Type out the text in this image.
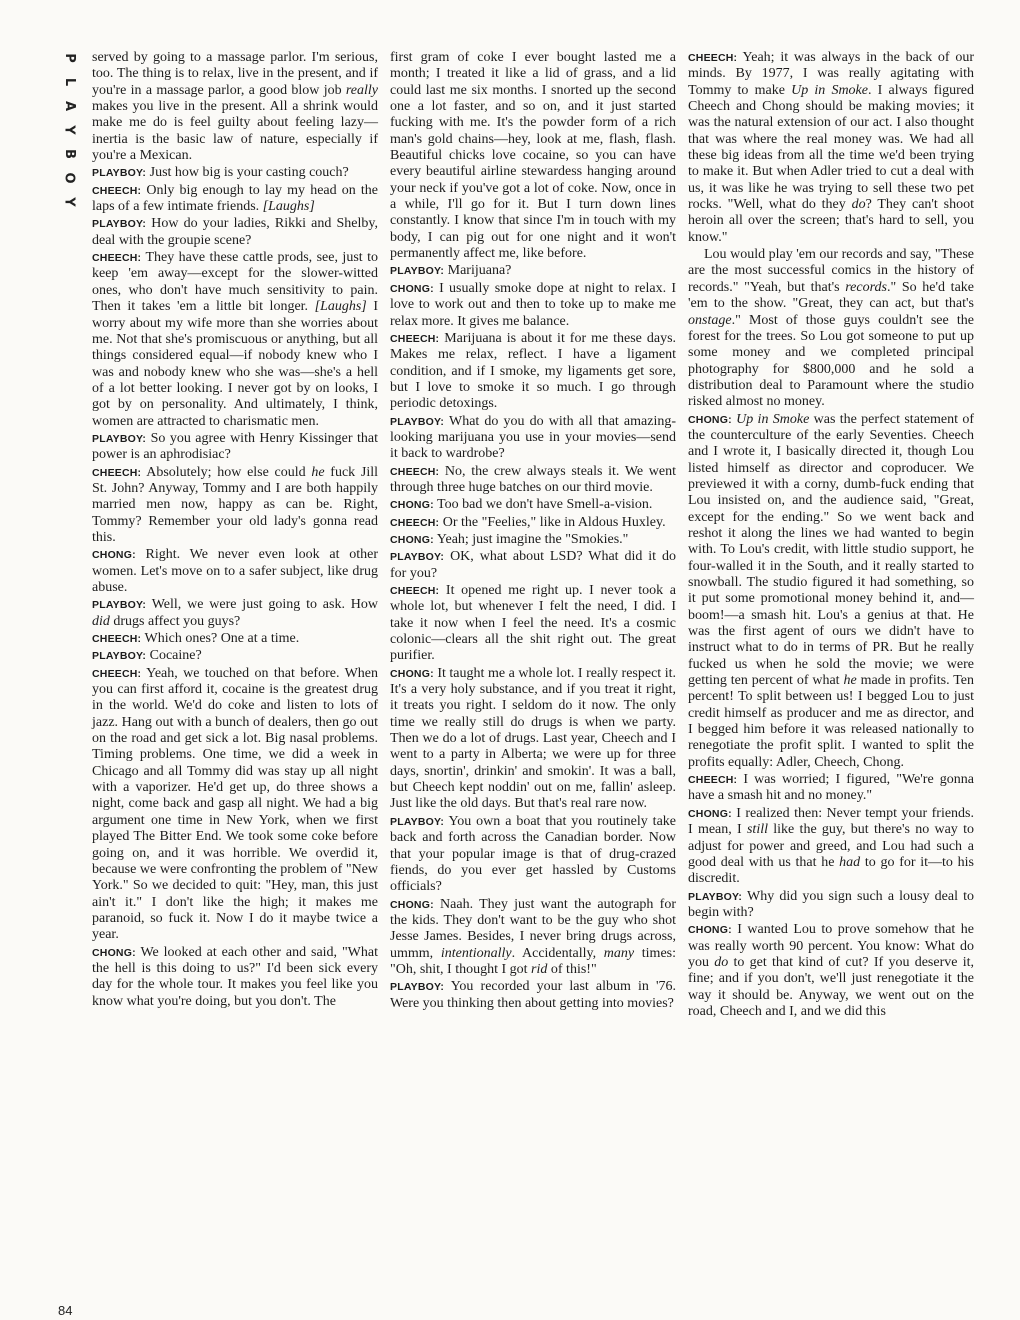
P
L
A
Y
B
O
Y

served by going to a massage parlor. I'm serious, too. The thing is to relax, live in the present, and if you're in a massage parlor, a good blow job really makes you live in the present. All a shrink would make me do is feel guilty about feeling lazy—inertia is the basic law of nature, especially if you're a Mexican.

PLAYBOY: Just how big is your casting couch?

CHEECH: Only big enough to lay my head on the laps of a few intimate friends. [Laughs]

PLAYBOY: How do your ladies, Rikki and Shelby, deal with the groupie scene?

CHEECH: They have these cattle prods, see, just to keep 'em away—except for the slower-witted ones, who don't have much sensitivity to pain. Then it takes 'em a little bit longer. [Laughs] I worry about my wife more than she worries about me. Not that she's promiscuous or anything, but all things considered equal—if nobody knew who I was and nobody knew who she was—she's a hell of a lot better looking. I never got by on looks, I got by on personality. And ultimately, I think, women are attracted to charismatic men.

PLAYBOY: So you agree with Henry Kissinger that power is an aphrodisiac?

CHEECH: Absolutely; how else could he fuck Jill St. John? Anyway, Tommy and I are both happily married men now, happy as can be. Right, Tommy? Remember your old lady's gonna read this.

CHONG: Right. We never even look at other women. Let's move on to a safer subject, like drug abuse.

PLAYBOY: Well, we were just going to ask. How did drugs affect you guys?

CHEECH: Which ones? One at a time.

PLAYBOY: Cocaine?

CHEECH: Yeah, we touched on that before. When you can first afford it, cocaine is the greatest drug in the world. We'd do coke and listen to lots of jazz. Hang out with a bunch of dealers, then go out on the road and get sick a lot. Big nasal problems. Timing problems. One time, we did a week in Chicago and all Tommy did was stay up all night with a vaporizer. He'd get up, do three shows a night, come back and gasp all night. We had a big argument one time in New York, when we first played The Bitter End. We took some coke before going on, and it was horrible. We overdid it, because we were confronting the problem of "New York." So we decided to quit: "Hey, man, this just ain't it." I don't like the high; it makes me paranoid, so fuck it. Now I do it maybe twice a year.

CHONG: We looked at each other and said, "What the hell is this doing to us?" I'd been sick every day for the whole tour. It makes you feel like you know what you're doing, but you don't. The

first gram of coke I ever bought lasted me a month; I treated it like a lid of grass, and a lid could last me six months. I snorted up the second one a lot faster, and so on, and it just started fucking with me. It's the powder form of a rich man's gold chains—hey, look at me, flash, flash. Beautiful chicks love cocaine, so you can have every beautiful airline stewardess hanging around your neck if you've got a lot of coke. Now, once in a while, I'll go for it. But I turn down lines constantly. I know that since I'm in touch with my body, I can pig out for one night and it won't permanently affect me, like before.

PLAYBOY: Marijuana?

CHONG: I usually smoke dope at night to relax. I love to work out and then to toke up to make me relax more. It gives me balance.

CHEECH: Marijuana is about it for me these days. Makes me relax, reflect. I have a ligament condition, and if I smoke, my ligaments get sore, but I love to smoke it so much. I go through periodic detoxings.

PLAYBOY: What do you do with all that amazing-looking marijuana you use in your movies—send it back to wardrobe?

CHEECH: No, the crew always steals it. We went through three huge batches on our third movie.

CHONG: Too bad we don't have Smell-a-vision.

CHEECH: Or the "Feelies," like in Aldous Huxley.

CHONG: Yeah; just imagine the "Smokies."

PLAYBOY: OK, what about LSD? What did it do for you?

CHEECH: It opened me right up. I never took a whole lot, but whenever I felt the need, I did. I take it now when I feel the need. It's a cosmic colonic—clears all the shit right out. The great purifier.

CHONG: It taught me a whole lot. I really respect it. It's a very holy substance, and if you treat it right, it treats you right. I seldom do it now. The only time we really still do drugs is when we party. Then we do a lot of drugs. Last year, Cheech and I went to a party in Alberta; we were up for three days, snortin', drinkin' and smokin'. It was a ball, but Cheech kept noddin' out on me, fallin' asleep. Just like the old days. But that's real rare now.

PLAYBOY: You own a boat that you routinely take back and forth across the Canadian border. Now that your popular image is that of drug-crazed fiends, do you ever get hassled by Customs officials?

CHONG: Naah. They just want the autograph for the kids. They don't want to be the guy who shot Jesse James. Besides, I never bring drugs across, ummm, intentionally. Accidentally, many times: "Oh, shit, I thought I got rid of this!"

PLAYBOY: You recorded your last album in '76. Were you thinking then about getting into movies?

CHEECH: Yeah; it was always in the back of our minds. By 1977, I was really agitating with Tommy to make Up in Smoke. I always figured Cheech and Chong should be making movies; it was the natural extension of our act. I also thought that was where the real money was. We had all these big ideas from all the time we'd been trying to make it. But when Adler tried to cut a deal with us, it was like he was trying to sell these two pet rocks. "Well, what do they do? They can't shoot heroin all over the screen; that's hard to sell, you know."

Lou would play 'em our records and say, "These are the most successful comics in the history of records." "Yeah, but that's records." So he'd take 'em to the show. "Great, they can act, but that's onstage." Most of those guys couldn't see the forest for the trees. So Lou got someone to put up some money and we completed principal photography for $800,000 and he sold a distribution deal to Paramount where the studio risked almost no money.

CHONG: Up in Smoke was the perfect statement of the counterculture of the early Seventies. Cheech and I wrote it, I basically directed it, though Lou listed himself as director and coproducer. We previewed it with a corny, dumb-fuck ending that Lou insisted on, and the audience said, "Great, except for the ending." So we went back and reshot it along the lines we had wanted to begin with. To Lou's credit, with little studio support, he four-walled it in the South, and it really started to snowball. The studio figured it had something, so it put some promotional money behind it, and—boom!—a smash hit. Lou's a genius at that. He was the first agent of ours we didn't have to instruct what to do in terms of PR. But he really fucked us when he sold the movie; we were getting ten percent of what he made in profits. Ten percent! To split between us! I begged Lou to just credit himself as producer and me as director, and I begged him before it was released nationally to renegotiate the profit split. I wanted to split the profits equally: Adler, Cheech, Chong.

CHEECH: I was worried; I figured, "We're gonna have a smash hit and no money."

CHONG: I realized then: Never tempt your friends. I mean, I still like the guy, but there's no way to adjust for power and greed, and Lou had such a good deal with us that he had to go for it—to his discredit.

PLAYBOY: Why did you sign such a lousy deal to begin with?

CHONG: I wanted Lou to prove somehow that he was really worth 90 percent. You know: What do you do to get that kind of cut? If you deserve it, fine; and if you don't, we'll just renegotiate it the way it should be. Anyway, we went out on the road, Cheech and I, and we did this

84
